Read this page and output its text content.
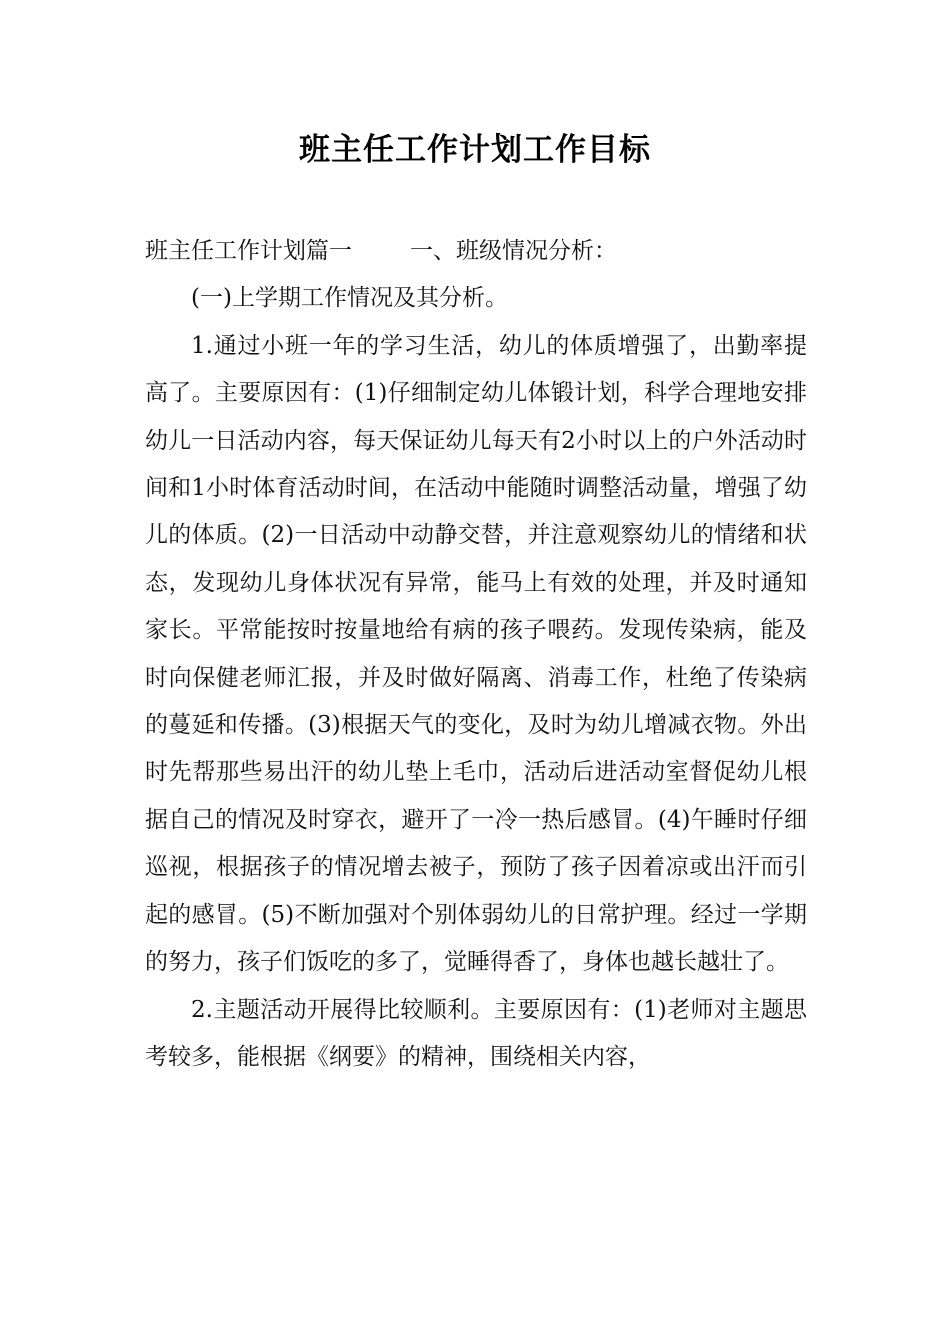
班主任工作计划工作目标

班主任工作计划篇一	一、班级情况分析：

(一)上学期工作情况及其分析。

1.通过小班一年的学习生活，幼儿的体质增强了，出勤率提高了。主要原因有：(1)仔细制定幼儿体锻计划，科学合理地安排幼儿一日活动内容，每天保证幼儿每天有2小时以上的户外活动时间和1小时体育活动时间，在活动中能随时调整活动量，增强了幼儿的体质。(2)一日活动中动静交替，并注意观察幼儿的情绪和状态，发现幼儿身体状况有异常，能马上有效的处理，并及时通知家长。平常能按时按量地给有病的孩子喂药。发现传染病，能及时向保健老师汇报，并及时做好隔离、消毒工作，杜绝了传染病的蔓延和传播。(3)根据天气的变化，及时为幼儿增减衣物。外出时先帮那些易出汗的幼儿垫上毛巾，活动后进活动室督促幼儿根据自己的情况及时穿衣，避开了一冷一热后感冒。(4)午睡时仔细巡视，根据孩子的情况增去被子，预防了孩子因着凉或出汗而引起的感冒。(5)不断加强对个别体弱幼儿的日常护理。经过一学期的努力，孩子们饭吃的多了，觉睡得香了，身体也越长越壮了。

2.主题活动开展得比较顺利。主要原因有：(1)老师对主题思考较多，能根据《纲要》的精神，围绕相关内容，
